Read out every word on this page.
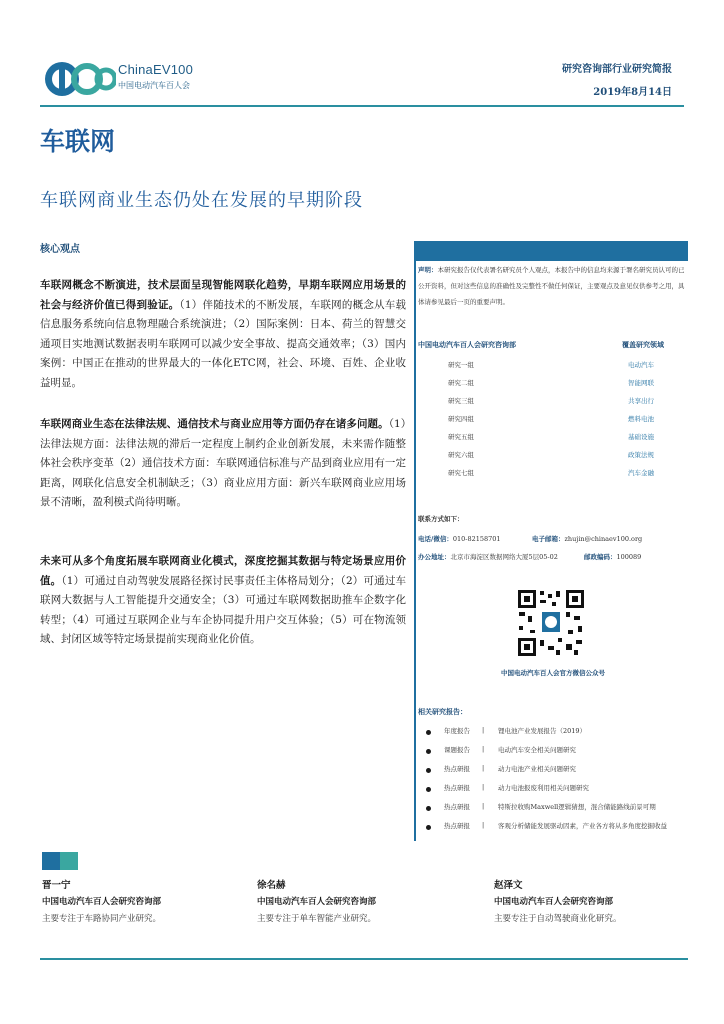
ChinaEV100
中国电动汽车百人会
研究咨询部行业研究简报
2019年8月14日
车联网
车联网商业生态仍处在发展的早期阶段
核心观点
车联网概念不断演进，技术层面呈现智能网联化趋势，早期车联网应用场景的社会与经济价值已得到验证。（1）伴随技术的不断发展，车联网的概念从车载信息服务系统向信息物理融合系统演进；（2）国际案例：日本、荷兰的智慧交通项目实地测试数据表明车联网可以减少安全事故、提高交通效率；（3）国内案例：中国正在推动的世界最大的一体化ETC网，社会、环境、百姓、企业收益明显。
车联网商业生态在法律法规、通信技术与商业应用等方面仍存在诸多问题。（1）法律法规方面：法律法规的滞后一定程度上制约企业创新发展，未来需作随整体社会秩序变革（2）通信技术方面：车联网通信标准与产品到商业应用有一定距离，网联化信息安全机制缺乏；（3）商业应用方面：新兴车联网商业应用场景不清晰，盈利模式尚待明晰。
未来可从多个角度拓展车联网商业化模式，深度挖掘其数据与特定场景应用价值。（1）可通过自动驾驶发展路径探讨民事责任主体格局划分；（2）可通过车联网大数据与人工智能提升交通安全；（3）可通过车联网数据助推车企数字化转型；（4）可通过互联网企业与车企协同提升用户交互体验；（5）可在物流领域、封闭区域等特定场景提前实现商业化价值。
声明：本研究报告仅代表署名研究员个人观点，本报告中的信息均来源于署名研究员认可的已公开资料，但对这些信息的准确性及完整性不做任何保证，主要观点及意见仅供参考之用，具体请参见最后一页的重要声明。
中国电动汽车百人会研究咨询部	覆盖研究领域
研究一组	电动汽车
研究二组	智能网联
研究三组	共享出行
研究四组	燃料电池
研究五组	基础设施
研究六组	政策法规
研究七组	汽车金融
联系方式如下：
电话/微信：010-82158701	电子邮箱：zhujin@chinaev100.org
办公地址：北京市海淀区数据网络大厦5层05-02	邮政编码：100089
中国电动汽车百人会官方微信公众号
相关研究报告：
年度报告 | 锂电池产业发展报告（2019）
课题报告 | 电动汽车安全相关问题研究
热点研报 | 动力电池产业相关问题研究
热点研报 | 动力电池报废利用相关问题研究
热点研报 | 特斯拉收购Maxwell逻辑猜想，混合储能路线前景可期
热点研报 | 客观分析储能发展驱动因素，产业各方将从多角度挖掘收益
晋一宁
中国电动汽车百人会研究咨询部
主要专注于车路协同产业研究。
徐名赫
中国电动汽车百人会研究咨询部
主要专注于单车智能产业研究。
赵泽文
中国电动汽车百人会研究咨询部
主要专注于自动驾驶商业化研究。
